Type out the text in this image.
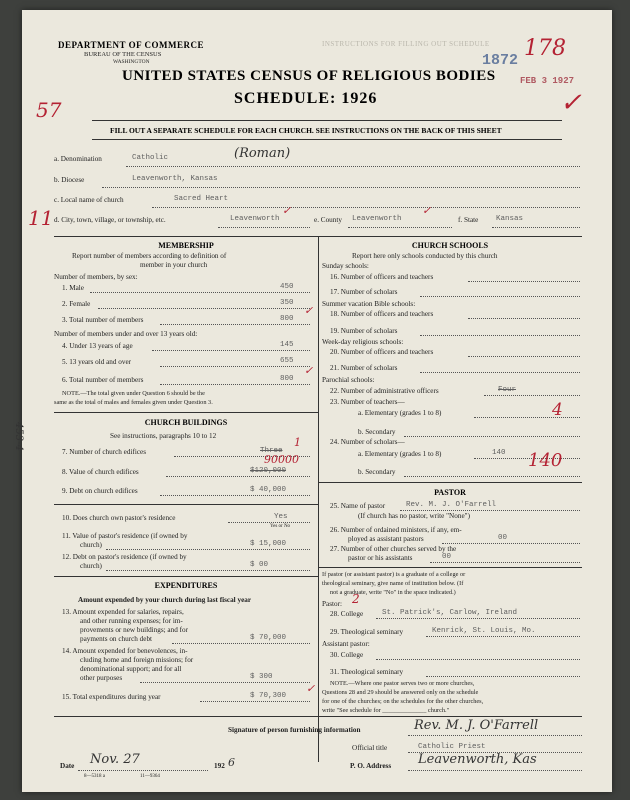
INSTRUCTIONS FOR FILLING OUT SCHEDULE
DEPARTMENT OF COMMERCE
BUREAU OF THE CENSUS
WASHINGTON
UNITED STATES CENSUS OF RELIGIOUS BODIES
SCHEDULE: 1926
FILL OUT A SEPARATE SCHEDULE FOR EACH CHURCH. SEE INSTRUCTIONS ON THE BACK OF THIS SHEET
1872
FEB 3 1927
178
✓
57
11
453-4
a. Denomination	Catholic	(Roman)
b. Diocese	Leavenworth, Kansas
c. Local name of church	Sacred Heart
d. City, town, village, or township, etc.	Leavenworth	e. County Leavenworth	f. State Kansas
✓	✓
MEMBERSHIP
Report number of members according to definition of
member in your church
Number of members, by sex:
1. Male	450
2. Female	350
3. Total number of members	800
✓
Number of members under and over 13 years old:
4. Under 13 years of age	145
5. 13 years old and over	655
6. Total number of members	800
✓
NOTE.—The total given under Question 6 should be the
same as the total of males and females given under Question 3.
CHURCH BUILDINGS
See instructions, paragraphs 10 to 12
7. Number of church edifices	Three
1
8. Value of church edifices	$120,000
90000
9. Debt on church edifices	$ 40,000
10. Does church own pastor's residence	Yes
Yes or No
11. Value of pastor's residence (if owned by
church)	$ 15,000
12. Debt on pastor's residence (if owned by
church)	$ 00
EXPENDITURES
Amount expended by your church during last fiscal year
13. Amount expended for salaries, repairs,
and other running expenses; for im-
provements or new buildings; and for
payments on church debt	$ 70,000
14. Amount expended for benevolences, in-
cluding home and foreign missions; for
denominational support; and for all
other purposes	$ 300
15. Total expenditures during year	$ 70,300
✓
CHURCH SCHOOLS
Report here only schools conducted by this church
Sunday schools:
16. Number of officers and teachers
17. Number of scholars
Summer vacation Bible schools:
18. Number of officers and teachers
19. Number of scholars
Week-day religious schools:
20. Number of officers and teachers
21. Number of scholars
Parochial schools:
22. Number of administrative officers	Four
23. Number of teachers—
a. Elementary (grades 1 to 8)	4
b. Secondary
24. Number of scholars—
a. Elementary (grades 1 to 8)	140 140
b. Secondary
PASTOR
25. Name of pastor	Rev. M. J. O'Farrell
(If church has no pastor, write "None")
26. Number of ordained ministers, if any, em-
ployed as assistant pastors	00
27. Number of other churches served by the
pastor or his assistants	00
If pastor (or assistant pastor) is a graduate of a college or
theological seminary, give name of institution below. (If
not a graduate, write "No" in the space indicated.)
Pastor: 2
28. College	St. Patrick's, Carlow, Ireland
29. Theological seminary	Kenrick, St. Louis, Mo.
Assistant pastor:
30. College
31. Theological seminary
NOTE.—Where one pastor serves two or more churches,
Questions 28 and 29 should be answered only on the schedule
for one of the churches; on the schedules for the other churches,
write "See schedule for ______________ church."
Signature of person furnishing information	Rev. M. J. O'Farrell
Official title	Catholic Priest
Date Nov. 27	192 6
8—5318 a	11—9364
P. O. Address Leavenworth, Kas
